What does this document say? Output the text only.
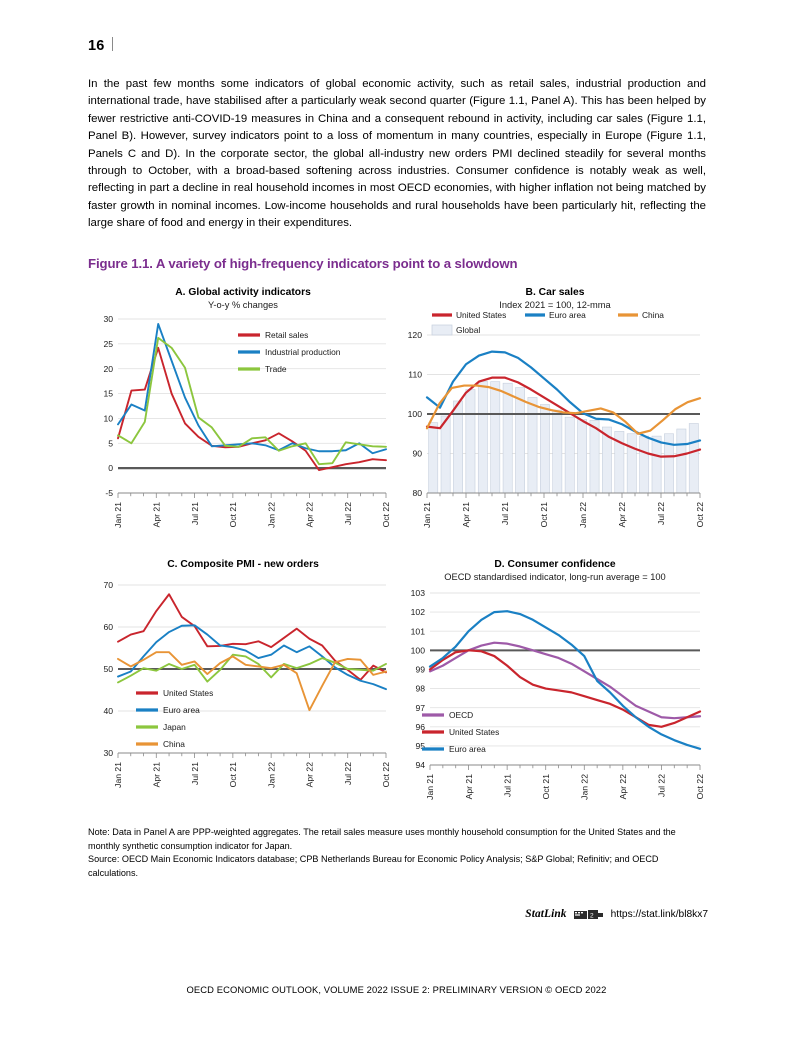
16
In the past few months some indicators of global economic activity, such as retail sales, industrial production and international trade, have stabilised after a particularly weak second quarter (Figure 1.1, Panel A). This has been helped by fewer restrictive anti-COVID-19 measures in China and a consequent rebound in activity, including car sales (Figure 1.1, Panel B). However, survey indicators point to a loss of momentum in many countries, especially in Europe (Figure 1.1, Panels C and D). In the corporate sector, the global all-industry new orders PMI declined steadily for several months through to October, with a broad-based softening across industries. Consumer confidence is notably weak as well, reflecting in part a decline in real household incomes in most OECD economies, with higher inflation not being matched by faster growth in nominal incomes. Low-income households and rural households have been particularly hit, reflecting the large share of food and energy in their expenditures.
Figure 1.1. A variety of high-frequency indicators point to a slowdown
A. Global activity indicators
Y-o-y % changes
-5
0
5
10
15
20
25
30
Jan 21	Apr 21	Jul 21	Oct 21	Jan 22	Apr 22	Jul 22	Oct 22
Retail sales
Industrial production
Trade
B. Car sales
Index 2021 = 100, 12-mma
80
90
100
110
120
Jan 21	Apr 21	Jul 21	Oct 21	Jan 22	Apr 22	Jul 22	Oct 22
United States	Euro area	China
Global
C. Composite PMI - new orders
30
40
50
60
70
Jan 21	Apr 21	Jul 21	Oct 21	Jan 22	Apr 22	Jul 22	Oct 22
United States
Euro area
Japan
China
D. Consumer confidence
OECD standardised indicator, long-run average = 100
94
95
96
97
98
99
100
101
102
103
Jan 21	Apr 21	Jul 21	Oct 21	Jan 22	Apr 22	Jul 22	Oct 22
OECD
United States
Euro area

Note: Data in Panel A are PPP-weighted aggregates. The retail sales measure uses monthly household consumption for the United States and the monthly synthetic consumption indicator for Japan.

Source: OECD Main Economic Indicators database; CPB Netherlands Bureau for Economic Policy Analysis; S&P Global; Refinitiv; and OECD calculations.

StatLink	2 https://stat.link/bl8kx7
OECD ECONOMIC OUTLOOK, VOLUME 2022 ISSUE 2: PRELIMINARY VERSION © OECD 2022
